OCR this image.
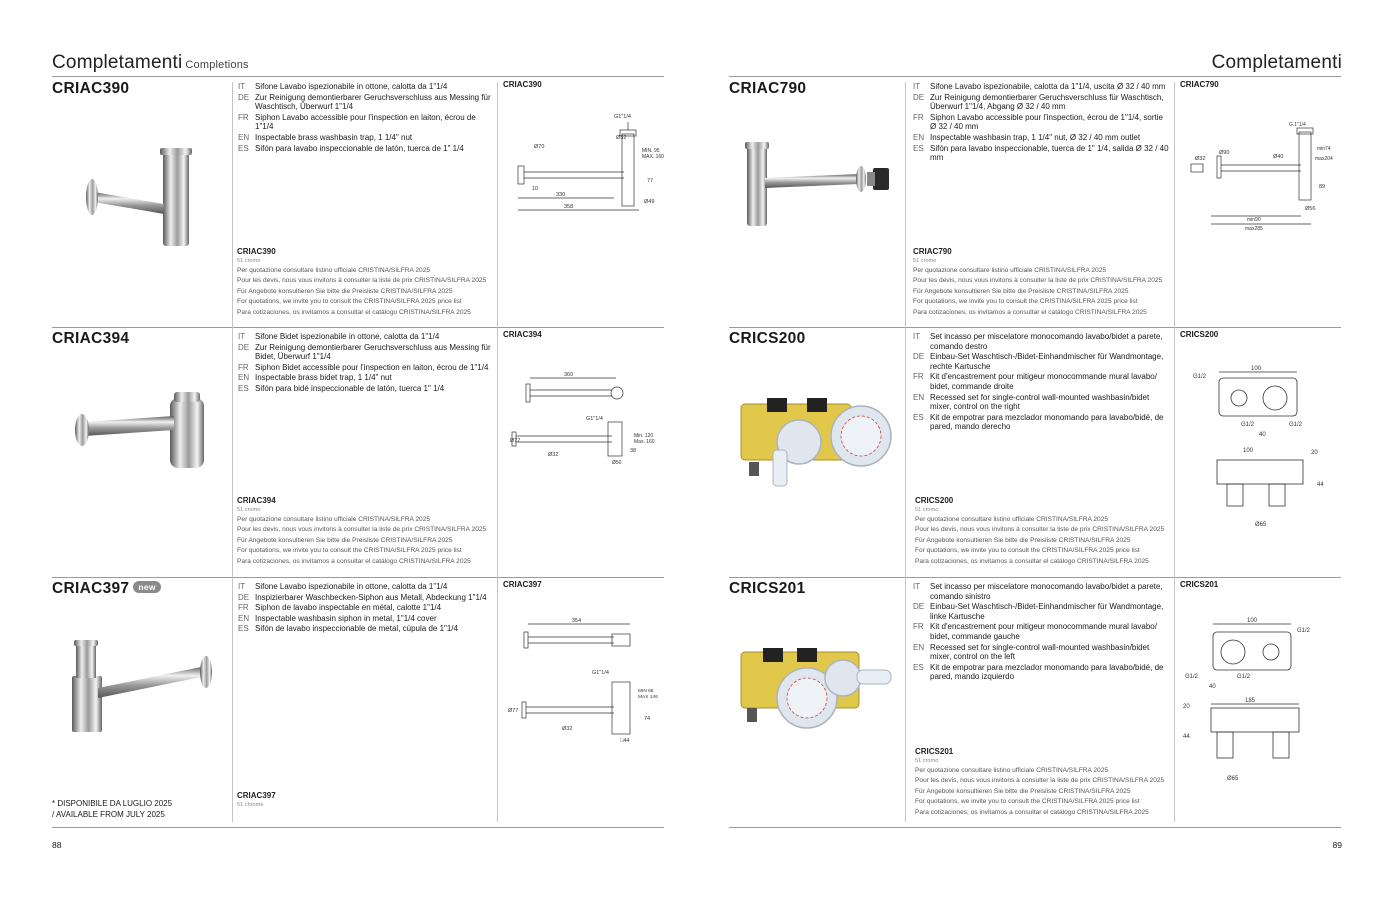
Completamenti Completions
CRIAC390	IT	Sifone Lavabo ispezionabile in ottone, calotta da 1"1/4
DE Zur Reinigung demontierbarer Geruchsverschluss aus Messing für Waschtisch, Überwurf 1"1/4
FR Siphon Lavabo accessible pour l'inspection en laiton, écrou de 1"1/4
EN Inspectable brass washbasin trap, 1 1/4" nut
ES Sifón para lavabo inspeccionable de latón, tuerca de 1" 1/4
CRIAC390
51 cromo
Per quotazione consultare listino ufficiale CRISTINA/SILFRA 2025
Pour les devis, nous vous invitons à consulter la liste de prix CRISTINA/SILFRA 2025
Für Angebote konsultieren Sie bitte die Preisliste CRISTINA/SILFRA 2025
For quotations, we invite you to consult the CRISTINA/SILFRA 2025 price list
Para cotizaciones, os invitamos a consultar el catálogo CRISTINA/SILFRA 2025
CRIAC390
G1"1/4
Ø32
Ø70
MIN. 95
MAX. 160
10
77
330
358
Ø49
CRIAC394	IT	Sifone Bidet ispezionabile in ottone, calotta da 1"1/4
DE Zur Reinigung demontierbarer Geruchsverschluss aus Messing für Bidet, Überwurf 1"1/4
FR Siphon Bidet accessible pour l'inspection en laiton, écrou de 1"1/4
EN Inspectable brass bidet trap, 1 1/4" nut
ES Sifón para bidé inspeccionable de latón, tuerca 1" 1/4
CRIAC394
51 cromo
Per quotazione consultare listino ufficiale CRISTINA/SILFRA 2025
Pour les devis, nous vous invitons à consulter la liste de prix CRISTINA/SILFRA 2025
Für Angebote konsultieren Sie bitte die Preisliste CRISTINA/SILFRA 2025
For quotations, we invite you to consult the CRISTINA/SILFRA 2025 price list
Para cotizaciones, os invitamos a consultar el catálogo CRISTINA/SILFRA 2025
CRIAC394
360
G1"1/4
Ø77
Min. 120
Max. 160
38
Ø32
Ø50
CRIAC397 new	IT	Sifone Lavabo ispezionabile in ottone, calotta da 1"1/4
DE Inspizierbarer Waschbecken-Siphon aus Metall, Abdeckung 1"1/4
FR Siphon de lavabo inspectable en métal, calotte 1"1/4
EN Inspectable washbasin siphon in metal, 1"1/4 cover
ES Sifón de lavabo inspeccionable de metal, cúpula de 1"1/4
CRIAC397
51 chrome
CRIAC397
354
G1"1/4
Ø77
MIN 66
MAX 146
74
Ø32
□44
* DISPONIBILE DA LUGLIO 2025
/ AVAILABLE FROM JULY 2025
88
Completamenti
CRIAC790	IT	Sifone Lavabo ispezionabile, calotta da 1"1/4, uscita Ø 32 / 40 mm
DE Zur Reinigung demontierbarer Geruchsverschluss für Waschtisch, Überwurf 1"1/4, Abgang Ø 32 / 40 mm
FR Siphon Lavabo accessible pour l'inspection, écrou de 1"1/4, sortie Ø 32 / 40 mm
EN Inspectable washbasin trap, 1 1/4" nut, Ø 32 / 40 mm outlet
ES Sifón para lavabo inspeccionable, tuerca de 1" 1/4, salida Ø 32 / 40 mm
CRIAC790
51 cromo
Per quotazione consultare listino ufficiale CRISTINA/SILFRA 2025
Pour les devis, nous vous invitons à consulter la liste de prix CRISTINA/SILFRA 2025
Für Angebote konsultieren Sie bitte die Preisliste CRISTINA/SILFRA 2025
For quotations, we invite you to consult the CRISTINA/SILFRA 2025 price list
Para cotizaciones, os invitamos a consultar el catálogo CRISTINA/SILFRA 2025
CRIAC790
G.1"1/4
Ø32
Ø90
Ø40
min74
max204
89
Ø56
min90
max285
CRICS200	IT	Set incasso per miscelatore monocomando lavabo/bidet a parete, comando destro
DE Einbau-Set Waschtisch-/Bidet-Einhandmischer für Wandmontage, rechte Kartusche
FR Kit d'encastrement pour mitigeur monocommande mural lavabo/ bidet, commande droite
EN Recessed set for single-control wall-mounted washbasin/bidet mixer, control on the right
ES Kit de empotrar para mezclador monomando para lavabo/bidé, de pared, mando derecho
CRICS200
51 cromo
Per quotazione consultare listino ufficiale CRISTINA/SILFRA 2025
Pour les devis, nous vous invitons à consulter la liste de prix CRISTINA/SILFRA 2025
Für Angebote konsultieren Sie bitte die Preisliste CRISTINA/SILFRA 2025
For quotations, we invite you to consult the CRISTINA/SILFRA 2025 price list
Para cotizaciones, os invitamos a consultar el catálogo CRISTINA/SILFRA 2025
CRICS200
100
G1/2
G1/2	G1/2
40
100	20
44
Ø65
CRICS201	IT	Set incasso per miscelatore monocomando lavabo/bidet a parete, comando sinistro
DE Einbau-Set Waschtisch-/Bidet-Einhandmischer für Wandmontage, linke Kartusche
FR Kit d'encastrement pour mitigeur monocommande mural lavabo/ bidet, commande gauche
EN Recessed set for single-control wall-mounted washbasin/bidet mixer, control on the left
ES Kit de empotrar para mezclador monomando para lavabo/bidé, de pared, mando izquierdo
CRICS201
51 cromo
Per quotazione consultare listino ufficiale CRISTINA/SILFRA 2025
Pour les devis, nous vous invitons à consulter la liste de prix CRISTINA/SILFRA 2025
Für Angebote konsultieren Sie bitte die Preisliste CRISTINA/SILFRA 2025
For quotations, we invite you to consult the CRISTINA/SILFRA 2025 price list
Para cotizaciones, os invitamos a consultar el catálogo CRISTINA/SILFRA 2025
CRICS201
100
G1/2
G1/2	G1/2
40
185
20
44
Ø65
89
